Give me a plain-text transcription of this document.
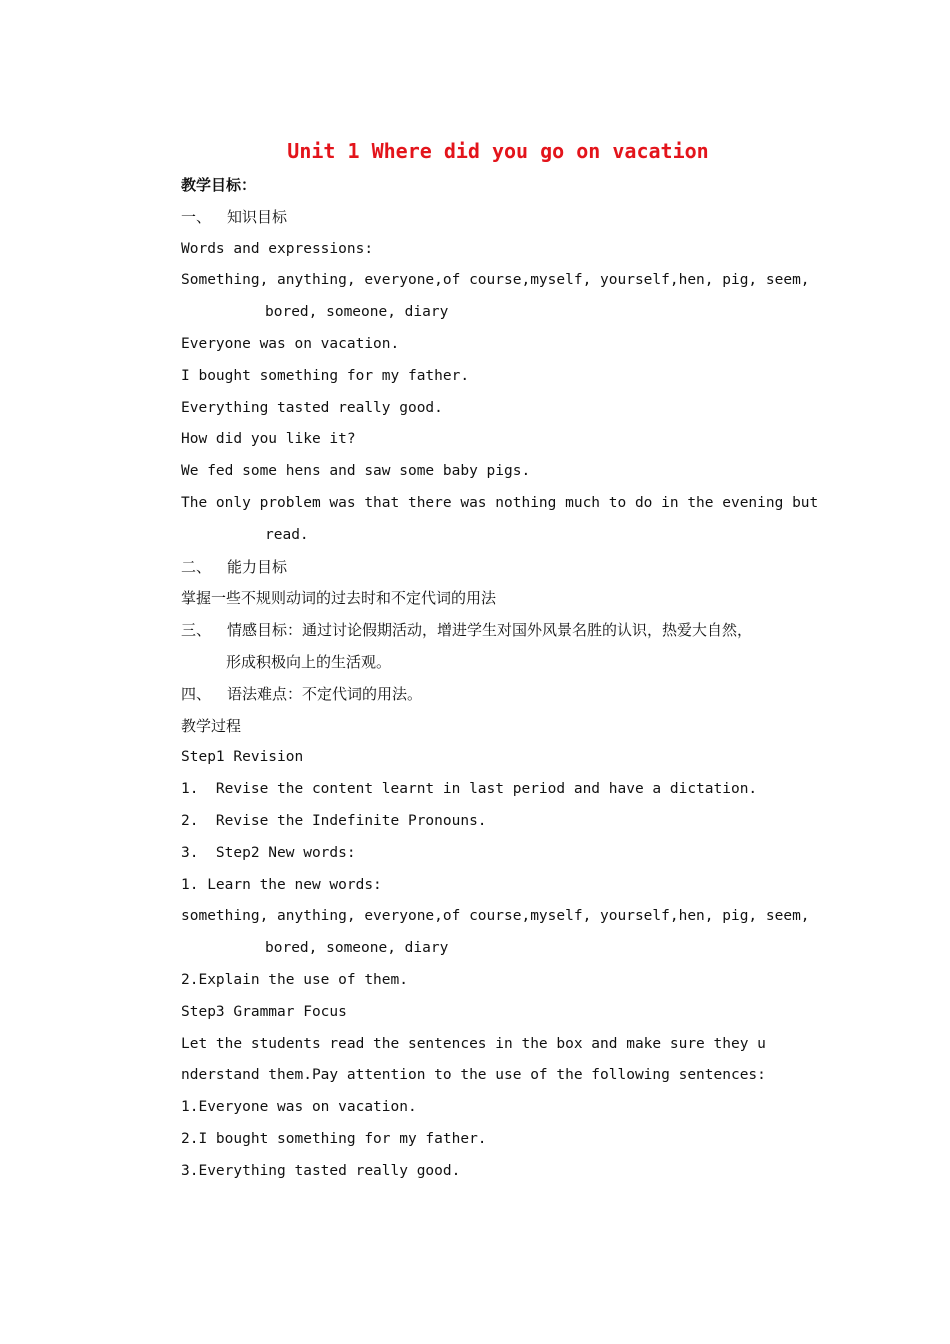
Unit 1 Where did you go on vacation
教学目标：
一、 知识目标
Words and expressions:
Something, anything, everyone,of course,myself, yourself,hen, pig, seem,
bored, someone, diary
Everyone was on vacation.
I bought something for my father.
Everything tasted really good.
How did you like it?
We fed some hens and saw some baby pigs.
The only problem was that there was nothing much to do in the evening but
read.
二、 能力目标
掌握一些不规则动词的过去时和不定代词的用法
三、 情感目标：通过讨论假期活动，增进学生对国外风景名胜的认识，热爱大自然，
形成积极向上的生活观。
四、 语法难点：不定代词的用法。
教学过程
Step1 Revision
1.  Revise the content learnt in last period and have a dictation.
2.  Revise the Indefinite Pronouns.
3.  Step2 New words:
1. Learn the new words:
something, anything, everyone,of course,myself, yourself,hen, pig, seem,
bored, someone, diary
2.Explain the use of them.
Step3 Grammar Focus
Let the students read the sentences in the box and make sure they u
nderstand them.Pay attention to the use of the following sentences:
1.Everyone was on vacation.
2.I bought something for my father.
3.Everything tasted really good.
